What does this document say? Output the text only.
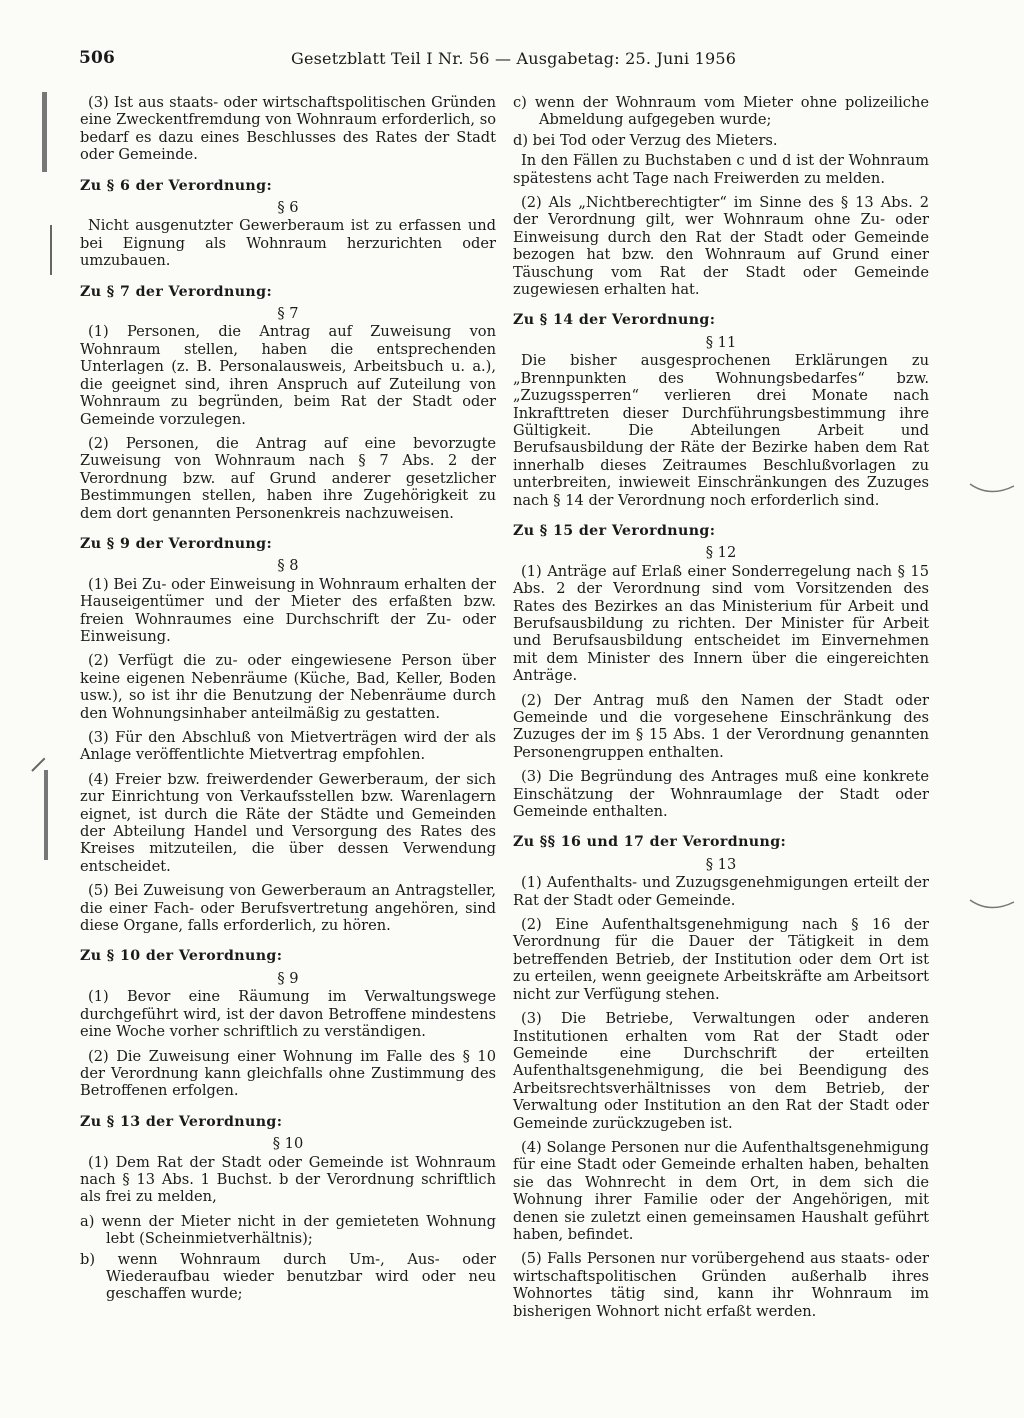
506	Gesetzblatt Teil I Nr. 56 — Ausgabetag: 25. Juni 1956

(3) Ist aus staats- oder wirtschaftspolitischen Gründen eine Zweckentfremdung von Wohnraum erforderlich, so bedarf es dazu eines Beschlusses des Rates der Stadt oder Gemeinde.

Zu § 6 der Verordnung:
§ 6

Nicht ausgenutzter Gewerberaum ist zu erfassen und bei Eignung als Wohnraum herzurichten oder umzubauen.

Zu § 7 der Verordnung:
§ 7

(1) Personen, die Antrag auf Zuweisung von Wohnraum stellen, haben die entsprechenden Unterlagen (z. B. Personalausweis, Arbeitsbuch u. a.), die geeignet sind, ihren Anspruch auf Zuteilung von Wohnraum zu begründen, beim Rat der Stadt oder Gemeinde vorzulegen.

(2) Personen, die Antrag auf eine bevorzugte Zuweisung von Wohnraum nach § 7 Abs. 2 der Verordnung bzw. auf Grund anderer gesetzlicher Bestimmungen stellen, haben ihre Zugehörigkeit zu dem dort genannten Personenkreis nachzuweisen.

Zu § 9 der Verordnung:
§ 8

(1) Bei Zu- oder Einweisung in Wohnraum erhalten der Hauseigentümer und der Mieter des erfaßten bzw. freien Wohnraumes eine Durchschrift der Zu- oder Einweisung.

(2) Verfügt die zu- oder eingewiesene Person über keine eigenen Nebenräume (Küche, Bad, Keller, Boden usw.), so ist ihr die Benutzung der Nebenräume durch den Wohnungsinhaber anteilmäßig zu gestatten.

(3) Für den Abschluß von Mietverträgen wird der als Anlage veröffentlichte Mietvertrag empfohlen.

(4) Freier bzw. freiwerdender Gewerberaum, der sich zur Einrichtung von Verkaufsstellen bzw. Warenlagern eignet, ist durch die Räte der Städte und Gemeinden der Abteilung Handel und Versorgung des Rates des Kreises mitzuteilen, die über dessen Verwendung entscheidet.

(5) Bei Zuweisung von Gewerberaum an Antragsteller, die einer Fach- oder Berufsvertretung angehören, sind diese Organe, falls erforderlich, zu hören.

Zu § 10 der Verordnung:
§ 9

(1) Bevor eine Räumung im Verwaltungswege durchgeführt wird, ist der davon Betroffene mindestens eine Woche vorher schriftlich zu verständigen.

(2) Die Zuweisung einer Wohnung im Falle des § 10 der Verordnung kann gleichfalls ohne Zustimmung des Betroffenen erfolgen.

Zu § 13 der Verordnung:
§ 10

(1) Dem Rat der Stadt oder Gemeinde ist Wohnraum nach § 13 Abs. 1 Buchst. b der Verordnung schriftlich als frei zu melden,

a) wenn der Mieter nicht in der gemieteten Wohnung lebt (Scheinmietverhältnis);
b) wenn Wohnraum durch Um-, Aus- oder Wiederaufbau wieder benutzbar wird oder neu geschaffen wurde;
c) wenn der Wohnraum vom Mieter ohne polizeiliche Abmeldung aufgegeben wurde;
d) bei Tod oder Verzug des Mieters.

In den Fällen zu Buchstaben c und d ist der Wohnraum spätestens acht Tage nach Freiwerden zu melden.

(2) Als „Nichtberechtigter“ im Sinne des § 13 Abs. 2 der Verordnung gilt, wer Wohnraum ohne Zu- oder Einweisung durch den Rat der Stadt oder Gemeinde bezogen hat bzw. den Wohnraum auf Grund einer Täuschung vom Rat der Stadt oder Gemeinde zugewiesen erhalten hat.

Zu § 14 der Verordnung:
§ 11

Die bisher ausgesprochenen Erklärungen zu „Brennpunkten des Wohnungsbedarfes“ bzw. „Zuzugssperren“ verlieren drei Monate nach Inkrafttreten dieser Durchführungsbestimmung ihre Gültigkeit. Die Abteilungen Arbeit und Berufsausbildung der Räte der Bezirke haben dem Rat innerhalb dieses Zeitraumes Beschlußvorlagen zu unterbreiten, inwieweit Einschränkungen des Zuzuges nach § 14 der Verordnung noch erforderlich sind.

Zu § 15 der Verordnung:
§ 12

(1) Anträge auf Erlaß einer Sonderregelung nach § 15 Abs. 2 der Verordnung sind vom Vorsitzenden des Rates des Bezirkes an das Ministerium für Arbeit und Berufsausbildung zu richten. Der Minister für Arbeit und Berufsausbildung entscheidet im Einvernehmen mit dem Minister des Innern über die eingereichten Anträge.

(2) Der Antrag muß den Namen der Stadt oder Gemeinde und die vorgesehene Einschränkung des Zuzuges der im § 15 Abs. 1 der Verordnung genannten Personengruppen enthalten.

(3) Die Begründung des Antrages muß eine konkrete Einschätzung der Wohnraumlage der Stadt oder Gemeinde enthalten.

Zu §§ 16 und 17 der Verordnung:
§ 13

(1) Aufenthalts- und Zuzugsgenehmigungen erteilt der Rat der Stadt oder Gemeinde.

(2) Eine Aufenthaltsgenehmigung nach § 16 der Verordnung für die Dauer der Tätigkeit in dem betreffenden Betrieb, der Institution oder dem Ort ist zu erteilen, wenn geeignete Arbeitskräfte am Arbeitsort nicht zur Verfügung stehen.

(3) Die Betriebe, Verwaltungen oder anderen Institutionen erhalten vom Rat der Stadt oder Gemeinde eine Durchschrift der erteilten Aufenthaltsgenehmigung, die bei Beendigung des Arbeitsrechtsverhältnisses von dem Betrieb, der Verwaltung oder Institution an den Rat der Stadt oder Gemeinde zurückzugeben ist.

(4) Solange Personen nur die Aufenthaltsgenehmigung für eine Stadt oder Gemeinde erhalten haben, behalten sie das Wohnrecht in dem Ort, in dem sich die Wohnung ihrer Familie oder der Angehörigen, mit denen sie zuletzt einen gemeinsamen Haushalt geführt haben, befindet.

(5) Falls Personen nur vorübergehend aus staats- oder wirtschaftspolitischen Gründen außerhalb ihres Wohnortes tätig sind, kann ihr Wohnraum im bisherigen Wohnort nicht erfaßt werden.
